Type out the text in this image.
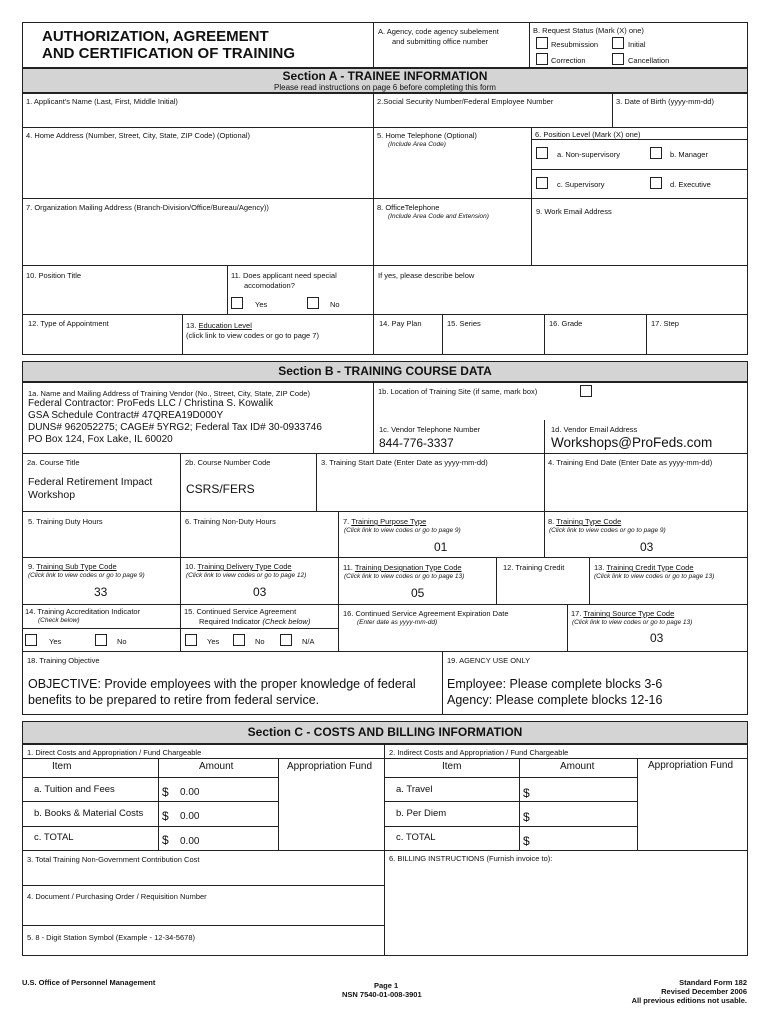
AUTHORIZATION, AGREEMENT
AND CERTIFICATION OF TRAINING
A. Agency, code agency subelement
and submitting office number
B. Request Status (Mark (X) one)
Resubmission	Initial
Correction	Cancellation
Section A - TRAINEE INFORMATION
Please read instructions on page 6 before completing this form
1. Applicant's Name (Last, First, Middle Initial)	2.Social Security Number/Federal Employee Number	3. Date of Birth (yyyy-mm-dd)
4. Home Address (Number, Street, City, State, ZIP Code) (Optional)	5. Home Telephone (Optional)
(Include Area Code)
6. Position Level (Mark (X) one)
a. Non-supervisory	b. Manager
c. Supervisory	d. Executive
7. Organization Mailing Address (Branch-Division/Office/Bureau/Agency))	8. OfficeTelephone
(Include Area Code and Extension)
9. Work Email Address
10. Position Title	11. Does applicant need special
accomodation?
Yes	No
If yes, please describe below
12. Type of Appointment	13. Education Level
(click link to view codes or go to page 7)
14. Pay Plan	15. Series	16. Grade	17. Step
Section B - TRAINING COURSE DATA
1a. Name and Mailing Address of Training Vendor (No., Street, City, State, ZIP Code)
Federal Contractor: ProFeds LLC / Christina S. Kowalik
GSA Schedule Contract# 47QREA19D000Y
DUNS# 962052275; CAGE# 5YRG2; Federal Tax ID# 30-0933746
PO Box 124, Fox Lake, IL 60020
1b. Location of Training Site (if same, mark box)
1c. Vendor Telephone Number
844-776-3337
1d. Vendor Email Address
Workshops@ProFeds.com
2a. Course Title
Federal Retirement Impact
Workshop
2b. Course Number Code
CSRS/FERS
3. Training Start Date (Enter Date as yyyy-mm-dd)	4. Training End Date (Enter Date as yyyy-mm-dd)
5. Training Duty Hours	6. Training Non-Duty Hours	7. Training Purpose Type
(Click link to view codes or go to page 9)
01
8. Training Type Code
(Click link to view codes or go to page 9)
03
9. Training Sub Type Code
(Click link to view codes or go to page 9)
33
10. Training Delivery Type Code
(Click link to view codes or go to page 12)
03
11. Training Designation Type Code
(Click link to view codes or go to page 13)
05
12. Training Credit	13. Training Credit Type Code
(Click link to view codes or go to page 13)
14. Training Accreditation Indicator
(Check below)
Yes	No
15. Continued Service Agreement
Required Indicator (Check below)
Yes	No	N/A
16. Continued Service Agreement Expiration Date
(Enter date as yyyy-mm-dd)
17. Training Source Type Code
(Click link to view codes or go to page 13)
03
18. Training Objective
OBJECTIVE: Provide employees with the proper knowledge of federal
benefits to be prepared to retire from federal service.
19. AGENCY USE ONLY
Employee: Please complete blocks 3-6
Agency: Please complete blocks 12-16
Section C - COSTS AND BILLING INFORMATION
1. Direct Costs and Appropriation / Fund Chargeable	2. Indirect Costs and Appropriation / Fund Chargeable
Item	Amount	Appropriation Fund
a. Tuition and Fees	$ 0.00
b. Books & Material Costs $ 0.00
c. TOTAL	$ 0.00
Item	Amount	Appropriation Fund
a. Travel	$
b. Per Diem	$
c. TOTAL	$
3. Total Training Non-Government Contribution Cost
4. Document / Purchasing Order / Requisition Number
5. 8 - Digit Station Symbol (Example - 12-34-5678)
6. BILLING INSTRUCTIONS (Furnish invoice to):
U.S. Office of Personnel Management	Page 1
NSN 7540-01-008-3901
Standard Form 182
Revised December 2006
All previous editions not usable.
